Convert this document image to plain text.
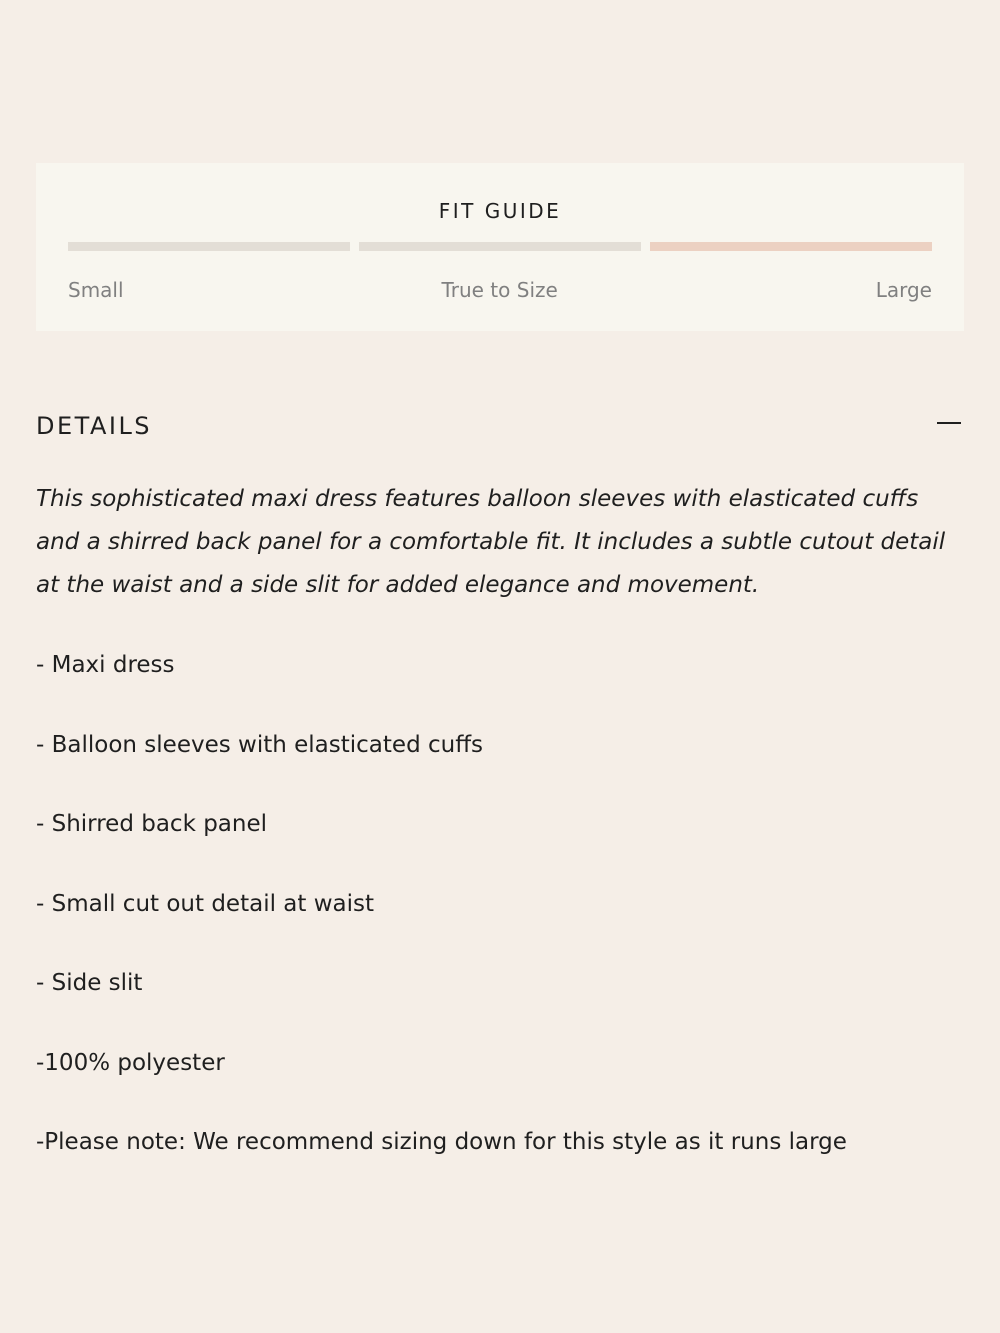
FIT GUIDE
Small	True to Size	Large
DETAILS

This sophisticated maxi dress features balloon sleeves with elasticated cuffs and a shirred back panel for a comfortable fit. It includes a subtle cutout detail at the waist and a side slit for added elegance and movement.

- Maxi dress
- Balloon sleeves with elasticated cuffs
- Shirred back panel
- Small cut out detail at waist
- Side slit
-100% polyester
-Please note: We recommend sizing down for this style as it runs large
